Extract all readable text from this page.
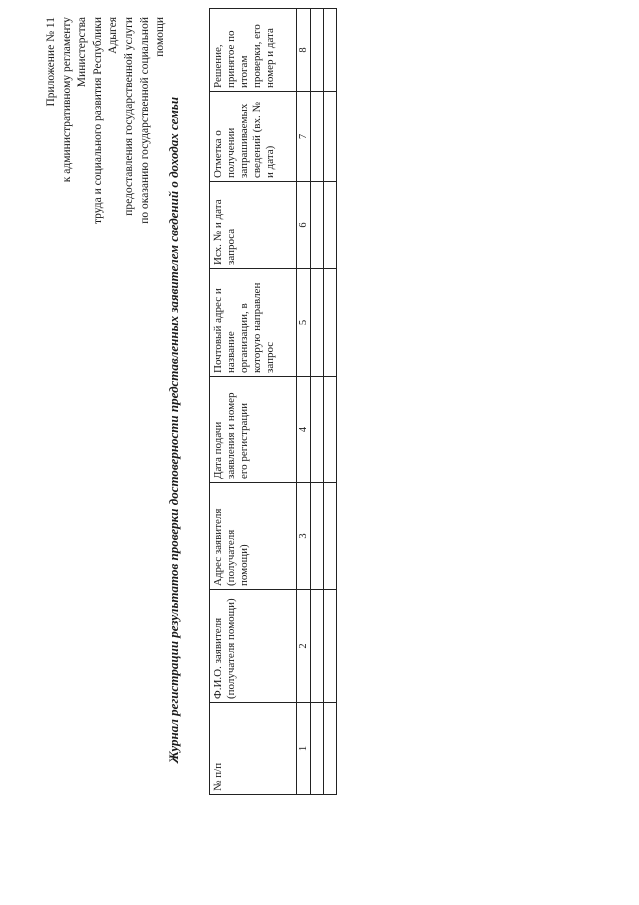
Приложение № 11 к административному регламенту Министерства труда и социального развития Республики Адыгея предоставления государственной услуги по оказанию государственной социальной помощи
Журнал регистрации результатов проверки достоверности представленных заявителем сведений о доходах семьи
№ п/п	Ф.И.О. заявителя (получателя помощи)	Адрес заявителя (получателя помощи)	Дата подачи заявления и номер его регистрации	Почтовый адрес и название организации, в которую направлен запрос	Исх. № и дата запроса	Отметка о получении запрашиваемых сведений (вх. № и дата)	Решение, принятое по итогам проверки, его номер и дата
1	2	3	4	5	6	7	8
